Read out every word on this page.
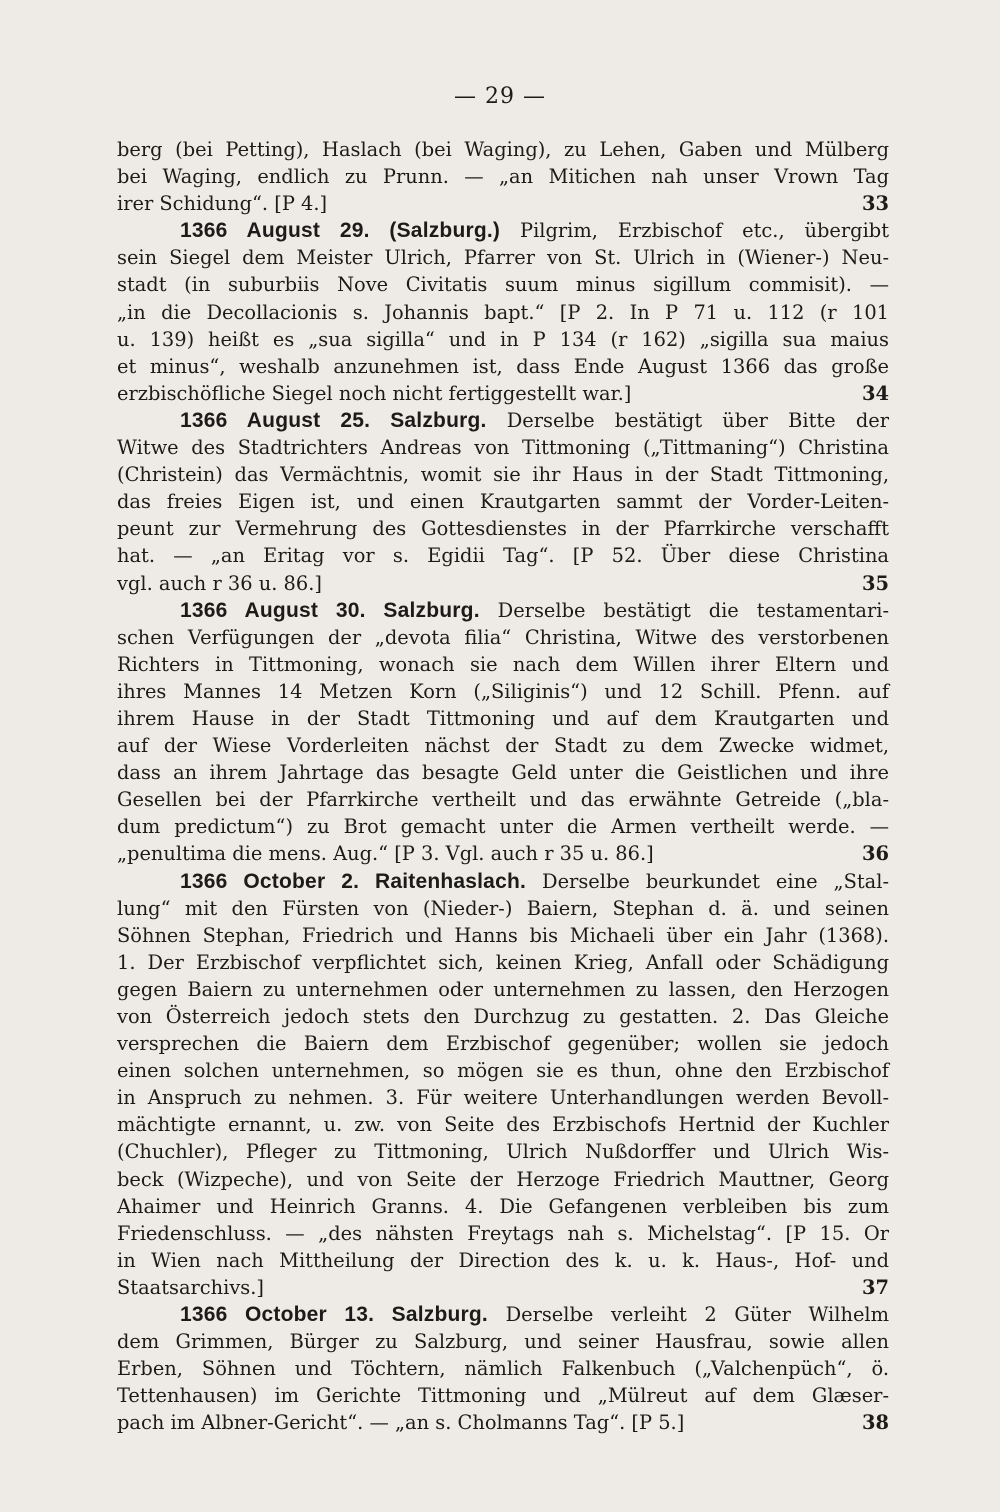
— 29 —
berg (bei Petting), Haslach (bei Waging), zu Lehen, Gaben und Mülberg
bei Waging, endlich zu Prunn. — „an Mitichen nah unser Vrown Tag
irer Schidung“. [P 4.]	33
1366 August 29. (Salzburg.) Pilgrim, Erzbischof etc., übergibt
sein Siegel dem Meister Ulrich, Pfarrer von St. Ulrich in (Wiener-) Neu-
stadt (in suburbiis Nove Civitatis suum minus sigillum commisit). —
„in die Decollacionis s. Johannis bapt.“ [P 2. In P 71 u. 112 (r 101
u. 139) heißt es „sua sigilla“ und in P 134 (r 162) „sigilla sua maius
et minus“, weshalb anzunehmen ist, dass Ende August 1366 das große
erzbischöfliche Siegel noch nicht fertiggestellt war.]	34
1366 August 25. Salzburg. Derselbe bestätigt über Bitte der
Witwe des Stadtrichters Andreas von Tittmoning („Tittmaning“) Christina
(Christein) das Vermächtnis, womit sie ihr Haus in der Stadt Tittmoning,
das freies Eigen ist, und einen Krautgarten sammt der Vorder-Leiten-
peunt zur Vermehrung des Gottesdienstes in der Pfarrkirche verschafft
hat. — „an Eritag vor s. Egidii Tag“. [P 52. Über diese Christina
vgl. auch r 36 u. 86.]	35
1366 August 30. Salzburg. Derselbe bestätigt die testamentari-
schen Verfügungen der „devota filia“ Christina, Witwe des verstorbenen
Richters in Tittmoning, wonach sie nach dem Willen ihrer Eltern und
ihres Mannes 14 Metzen Korn („Siliginis“) und 12 Schill. Pfenn. auf
ihrem Hause in der Stadt Tittmoning und auf dem Krautgarten und
auf der Wiese Vorderleiten nächst der Stadt zu dem Zwecke widmet,
dass an ihrem Jahrtage das besagte Geld unter die Geistlichen und ihre
Gesellen bei der Pfarrkirche vertheilt und das erwähnte Getreide („bla-
dum predictum“) zu Brot gemacht unter die Armen vertheilt werde. —
„penultima die mens. Aug.“ [P 3. Vgl. auch r 35 u. 86.]	36
1366 October 2. Raitenhaslach. Derselbe beurkundet eine „Stal-
lung“ mit den Fürsten von (Nieder-) Baiern, Stephan d. ä. und seinen
Söhnen Stephan, Friedrich und Hanns bis Michaeli über ein Jahr (1368).
1. Der Erzbischof verpflichtet sich, keinen Krieg, Anfall oder Schädigung
gegen Baiern zu unternehmen oder unternehmen zu lassen, den Herzogen
von Österreich jedoch stets den Durchzug zu gestatten. 2. Das Gleiche
versprechen die Baiern dem Erzbischof gegenüber; wollen sie jedoch
einen solchen unternehmen, so mögen sie es thun, ohne den Erzbischof
in Anspruch zu nehmen. 3. Für weitere Unterhandlungen werden Bevoll-
mächtigte ernannt, u. zw. von Seite des Erzbischofs Hertnid der Kuchler
(Chuchler), Pfleger zu Tittmoning, Ulrich Nußdorffer und Ulrich Wis-
beck (Wizpeche), und von Seite der Herzoge Friedrich Mauttner, Georg
Ahaimer und Heinrich Granns. 4. Die Gefangenen verbleiben bis zum
Friedenschluss. — „des nähsten Freytags nah s. Michelstag“. [P 15. Or
in Wien nach Mittheilung der Direction des k. u. k. Haus-, Hof- und
Staatsarchivs.]	37
1366 October 13. Salzburg. Derselbe verleiht 2 Güter Wilhelm
dem Grimmen, Bürger zu Salzburg, und seiner Hausfrau, sowie allen
Erben, Söhnen und Töchtern, nämlich Falkenbuch („Valchenpüch“, ö.
Tettenhausen) im Gerichte Tittmoning und „Mülreut auf dem Glæser-
pach im Albner-Gericht“. — „an s. Cholmanns Tag“. [P 5.]	38
